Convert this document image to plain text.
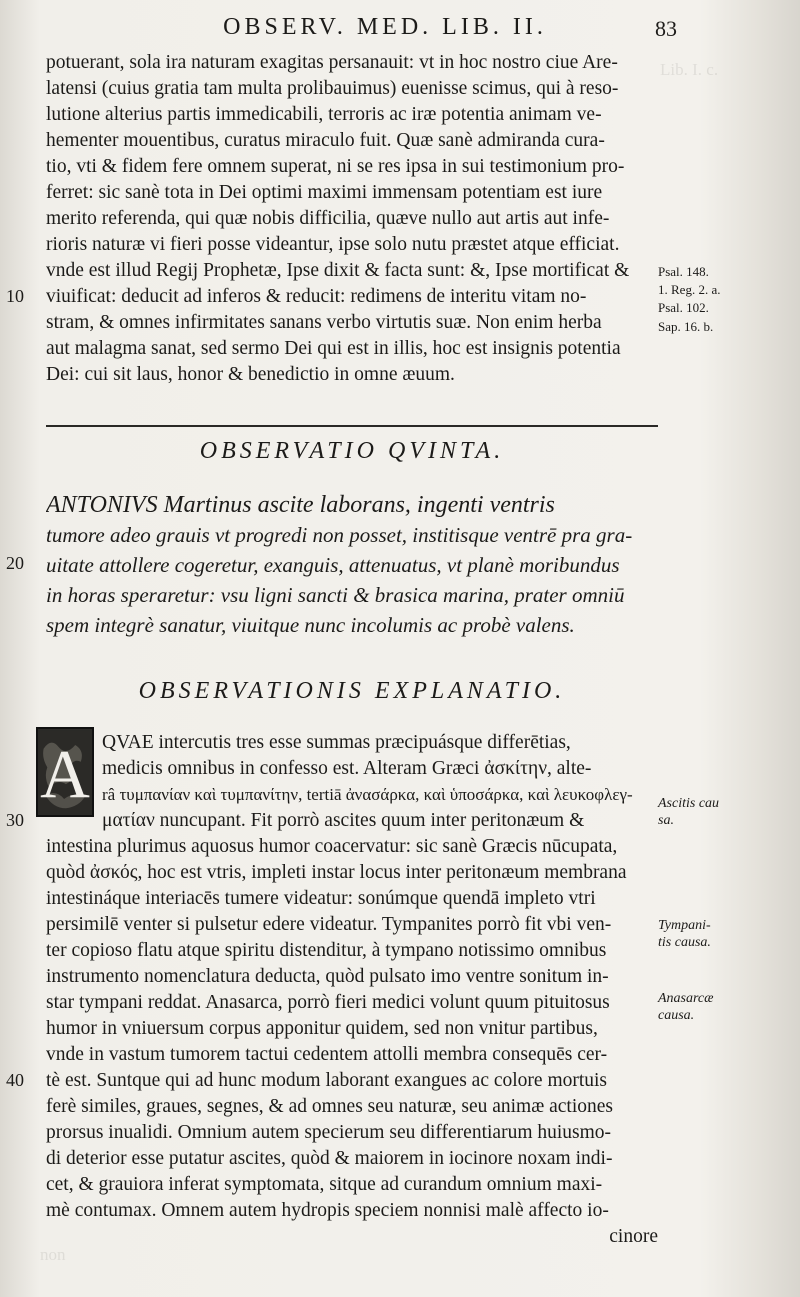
Lib. I. c.
non
OBSERV. MED. LIB. II.	83
potuerant, sola ira naturam exagitas persanauit: vt in hoc nostro ciue Are-
latensi (cuius gratia tam multa prolibauimus) euenisse scimus, qui à reso-
lutione alterius partis immedicabili, terroris ac iræ potentia animam ve-
hementer mouentibus, curatus miraculo fuit. Quæ sanè admiranda cura-
tio, vti & fidem fere omnem superat, ni se res ipsa in sui testimonium pro-
ferret: sic sanè tota in Dei optimi maximi immensam potentiam est iure
merito referenda, qui quæ nobis difficilia, quæve nullo aut artis aut infe-
rioris naturæ vi fieri posse videantur, ipse solo nutu præstet atque efficiat.
vnde est illud Regij Prophetæ, Ipse dixit & facta sunt: &, Ipse mortificat &
viuificat: deducit ad inferos & reducit: redimens de interitu vitam no-
stram, & omnes infirmitates sanans verbo virtutis suæ. Non enim herba
aut malagma sanat, sed sermo Dei qui est in illis, hoc est insignis potentia
Dei: cui sit laus, honor & benedictio in omne æuum.
10
Psal. 148.
1. Reg. 2. a.
Psal. 102.
Sap. 16. b.
OBSERVATIO QVINTA.
ANTONIVS Martinus ascite laborans, ingenti ventris
tumore adeo grauis vt progredi non posset, institisque ventrē pra gra-
uitate attollere cogeretur, exanguis, attenuatus, vt planè moribundus
in horas speraretur: vsu ligni sancti & brasica marina, prater omniū
spem integrè sanatur, viuitque nunc incolumis ac probè valens.
20
OBSERVATIONIS EXPLANATIO.
A QVAE intercutis tres esse summas præcipuásque differētias,
medicis omnibus in confesso est. Alteram Græci ἀσκίτην, alte-
râ τυμπανίαν καὶ τυμπανίτην, tertiā ἀνασάρκα, καὶ ὑποσάρκα, καὶ λευκοφλεγ-
ματίαν nuncupant. Fit porrò ascites quum inter peritonæum &
intestina plurimus aquosus humor coacervatur: sic sanè Græcis nūcupata,
quòd ἀσκός, hoc est vtris, impleti instar locus inter peritonæum membrana
intestináque interiacēs tumere videatur: sonúmque quendā impleto vtri
persimilē venter si pulsetur edere videatur. Tympanites porrò fit vbi ven-
ter copioso flatu atque spiritu distenditur, à tympano notissimo omnibus
instrumento nomenclatura deducta, quòd pulsato imo ventre sonitum in-
star tympani reddat. Anasarca, porrò fieri medici volunt quum pituitosus
humor in vniuersum corpus apponitur quidem, sed non vnitur partibus,
vnde in vastum tumorem tactui cedentem attolli membra consequēs cer-
tè est. Suntque qui ad hunc modum laborant exangues ac colore mortuis
ferè similes, graues, segnes, & ad omnes seu naturæ, seu animæ actiones
prorsus inualidi. Omnium autem specierum seu differentiarum huiusmo-
di deterior esse putatur ascites, quòd & maiorem in iocinore noxam indi-
cet, & grauiora inferat symptomata, sitque ad curandum omnium maxi-
mè contumax. Omnem autem hydropis speciem nonnisi malè affecto io-
cinore
30
40
Ascitis cau
sa.
Tympani-
tis causa.
Anasarcæ
causa.
